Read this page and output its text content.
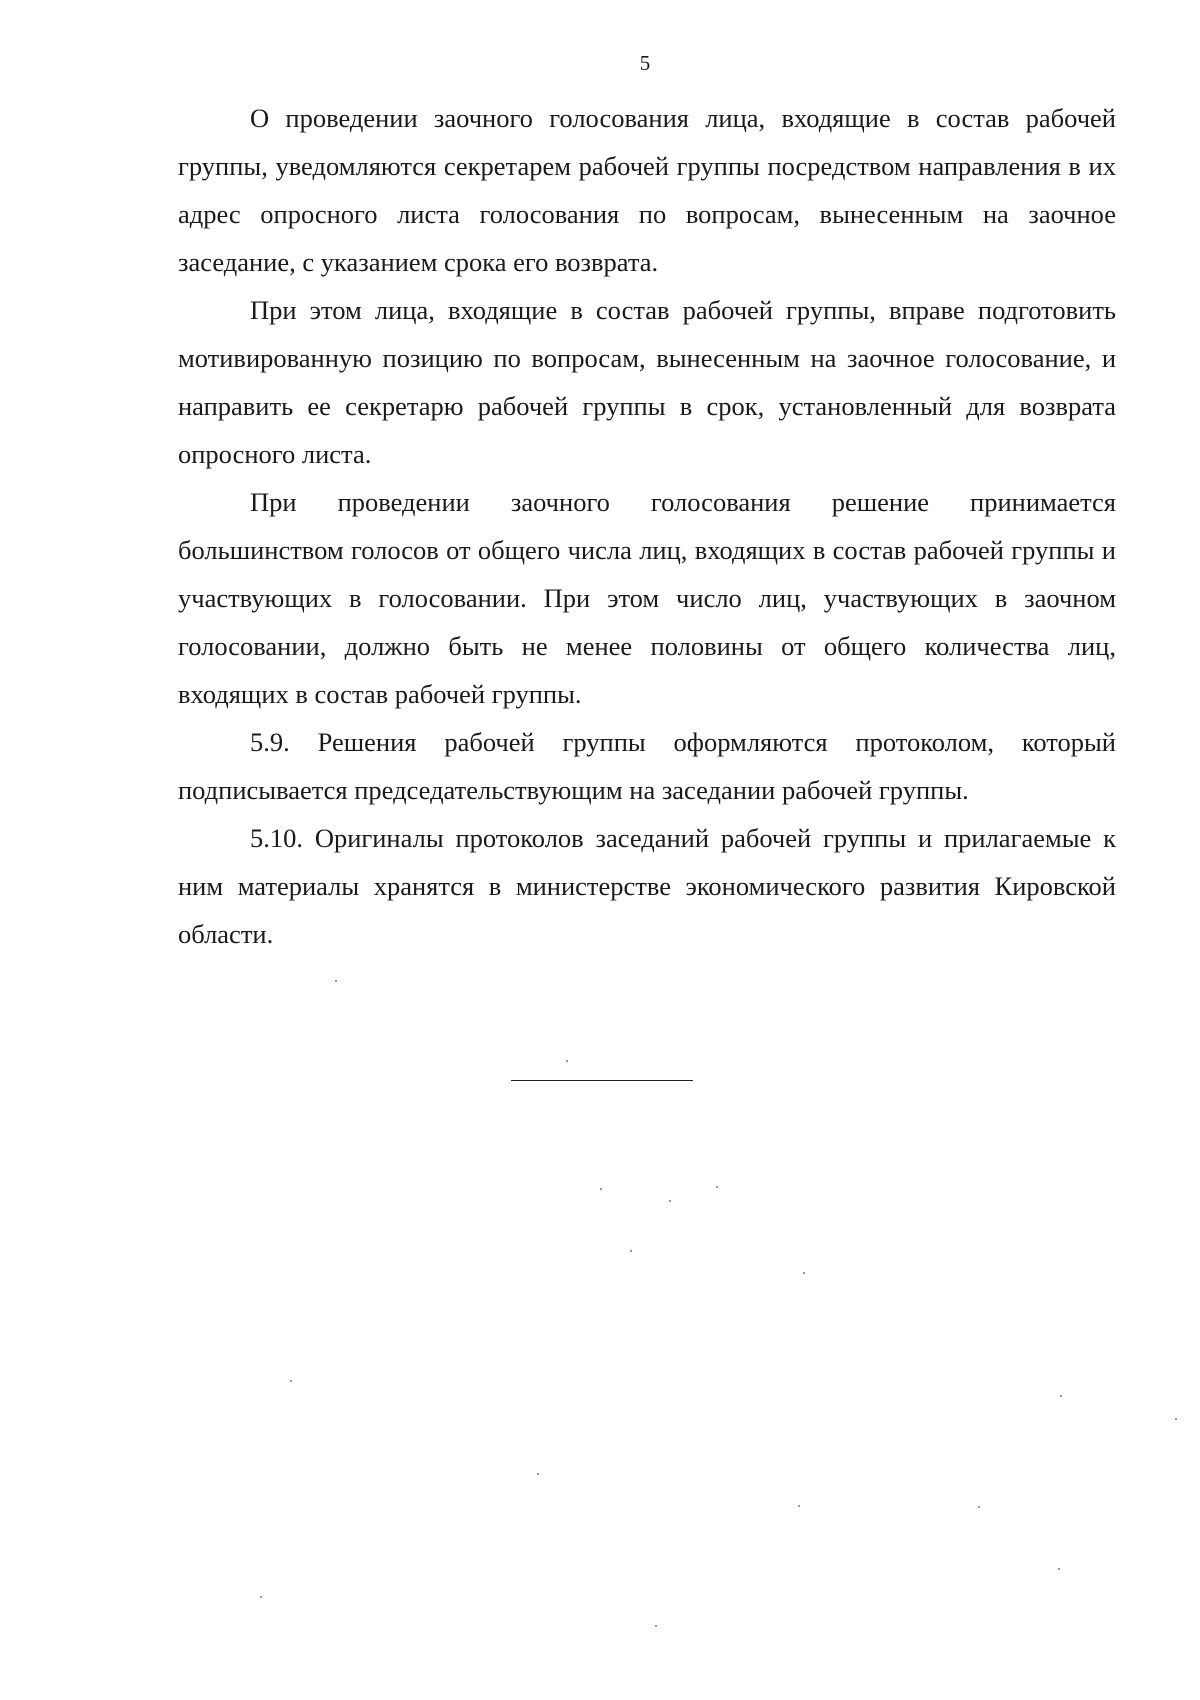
5

О проведении заочного голосования лица, входящие в состав рабочей группы, уведомляются секретарем рабочей группы посредством направления в их адрес опросного листа голосования по вопросам, вынесенным на заочное заседание, с указанием срока его возврата.

При этом лица, входящие в состав рабочей группы, вправе подготовить мотивированную позицию по вопросам, вынесенным на заочное голосование, и направить ее секретарю рабочей группы в срок, установленный для возврата опросного листа.

При проведении заочного голосования решение принимается большинством голосов от общего числа лиц, входящих в состав рабочей группы и участвующих в голосовании. При этом число лиц, участвующих в заочном голосовании, должно быть не менее половины от общего количества лиц, входящих в состав рабочей группы.

5.9. Решения рабочей группы оформляются протоколом, который подписывается председательствующим на заседании рабочей группы.

5.10. Оригиналы протоколов заседаний рабочей группы и прилагаемые к ним материалы хранятся в министерстве экономического развития Кировской области.
